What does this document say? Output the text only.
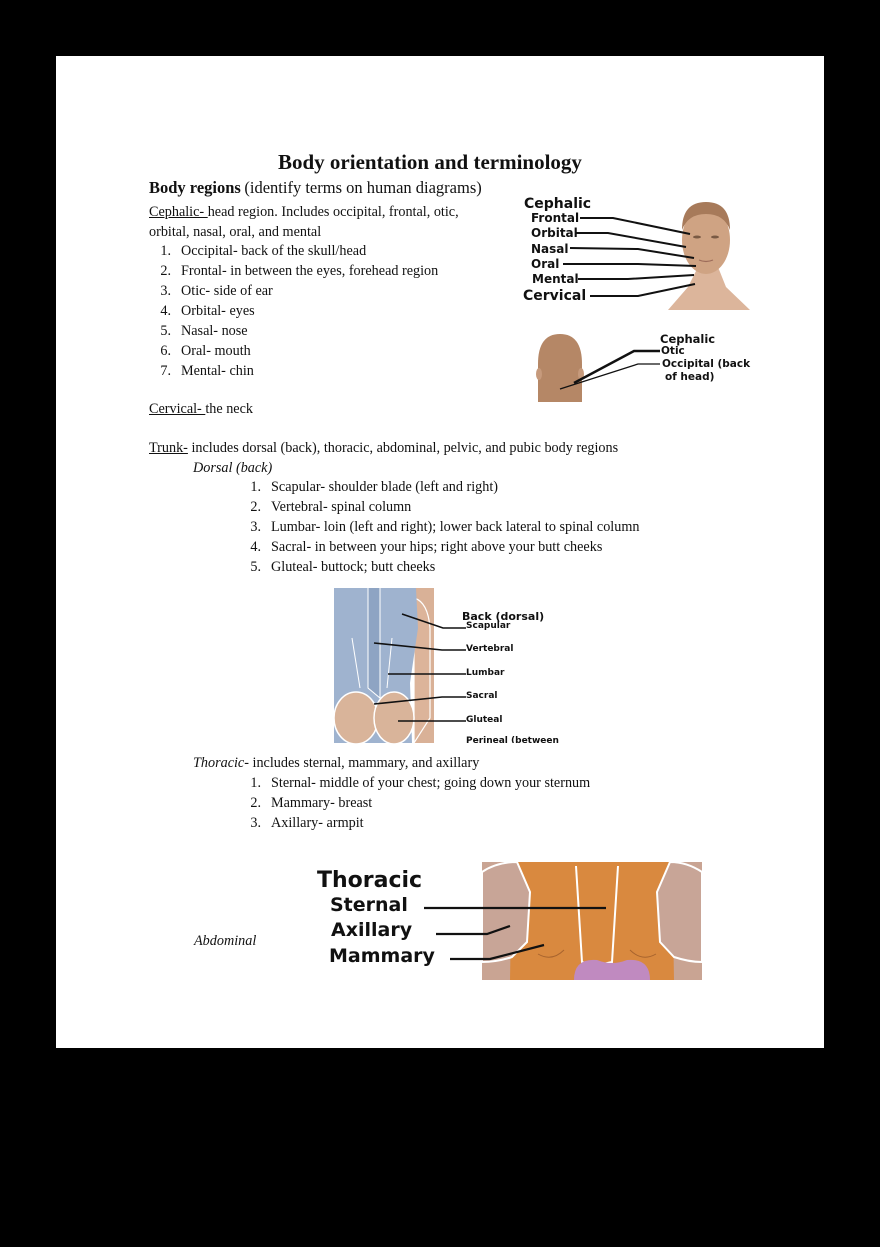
Body orientation and terminology
Body regions (identify terms on human diagrams)
Cephalic- head region. Includes occipital, frontal, otic,
orbital, nasal, oral, and mental
1. Occipital- back of the skull/head
2. Frontal- in between the eyes, forehead region
3. Otic- side of ear
4. Orbital- eyes
5. Nasal- nose
6. Oral- mouth
7. Mental- chin
Cervical- the neck
Trunk- includes dorsal (back), thoracic, abdominal, pelvic, and pubic body regions
Dorsal (back)
1. Scapular- shoulder blade (left and right)
2. Vertebral- spinal column
3. Lumbar- loin (left and right); lower back lateral to spinal column
4. Sacral- in between your hips; right above your butt cheeks
5. Gluteal- buttock; butt cheeks
Thoracic- includes sternal, mammary, and axillary
1. Sternal- middle of your chest; going down your sternum
2. Mammary- breast
3. Axillary- armpit
Abdominal
Cephalic
Frontal
Orbital
Nasal
Oral
Mental
Cervical
Cephalic
Otic
Occipital (back
of head)
Back (dorsal)
Scapular
Vertebral
Lumbar
Sacral
Gluteal
Perineal (between
Thoracic
Sternal
Axillary
Mammary
